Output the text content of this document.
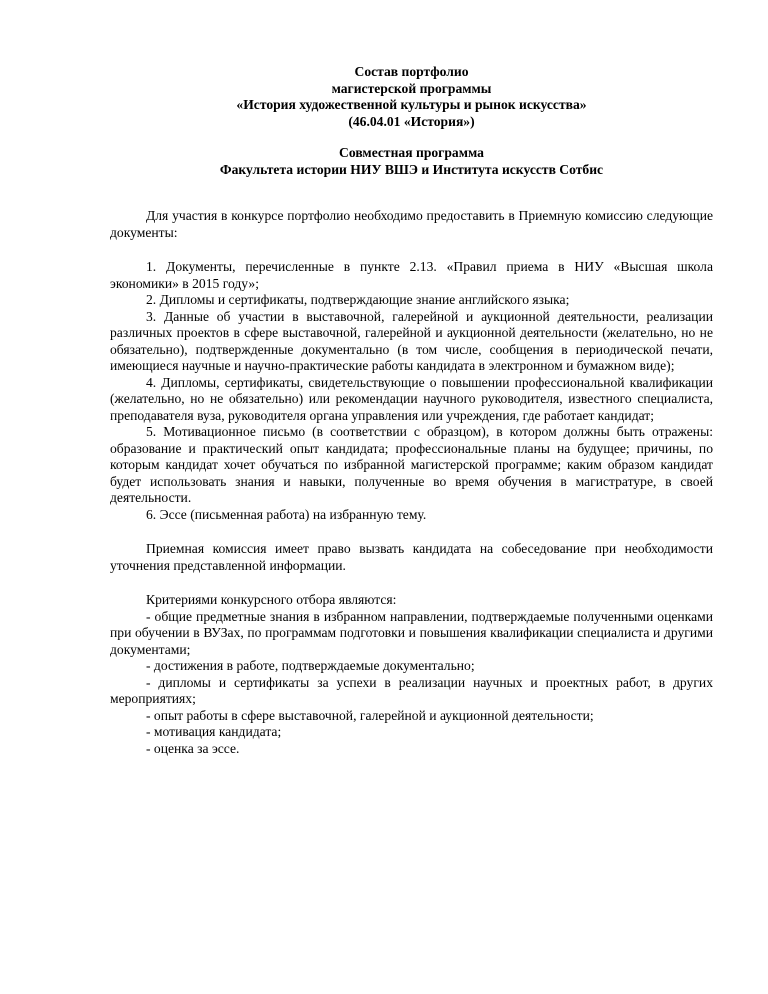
Состав портфолио
магистерской программы
«История художественной культуры и рынок искусства»
(46.04.01 «История»)
Совместная программа
Факультета истории НИУ ВШЭ и Института искусств Сотбис

Для участия в конкурсе портфолио необходимо предоставить в Приемную комиссию следующие документы:

1. Документы, перечисленные в пункте 2.13. «Правил приема в НИУ «Высшая школа экономики» в 2015 году»;

2. Дипломы и сертификаты, подтверждающие знание английского языка;

3. Данные об участии в выставочной, галерейной и аукционной деятельности, реализации различных проектов в сфере выставочной, галерейной и аукционной деятельности (желательно, но не обязательно), подтвержденные документально (в том числе, сообщения в периодической печати, имеющиеся научные и научно-практические работы кандидата в электронном и бумажном виде);

4. Дипломы, сертификаты, свидетельствующие о повышении профессиональной квалификации (желательно, но не обязательно) или рекомендации научного руководителя, известного специалиста, преподавателя вуза, руководителя органа управления или учреждения, где работает кандидат;

5. Мотивационное письмо (в соответствии с образцом), в котором должны быть отражены: образование и практический опыт кандидата; профессиональные планы на будущее; причины, по которым кандидат хочет обучаться по избранной магистерской программе; каким образом кандидат будет использовать знания и навыки, полученные во время обучения в магистратуре, в своей деятельности.

6. Эссе (письменная работа) на избранную тему.

Приемная комиссия имеет право вызвать кандидата на собеседование при необходимости уточнения представленной информации.

Критериями конкурсного отбора являются:

- общие предметные знания в избранном направлении, подтверждаемые полученными оценками при обучении в ВУЗах, по программам подготовки и повышения квалификации специалиста и другими документами;

- достижения в работе, подтверждаемые документально;

- дипломы и сертификаты за успехи в реализации научных и проектных работ, в других мероприятиях;

- опыт работы в сфере выставочной, галерейной и аукционной деятельности;

- мотивация кандидата;

- оценка за эссе.
